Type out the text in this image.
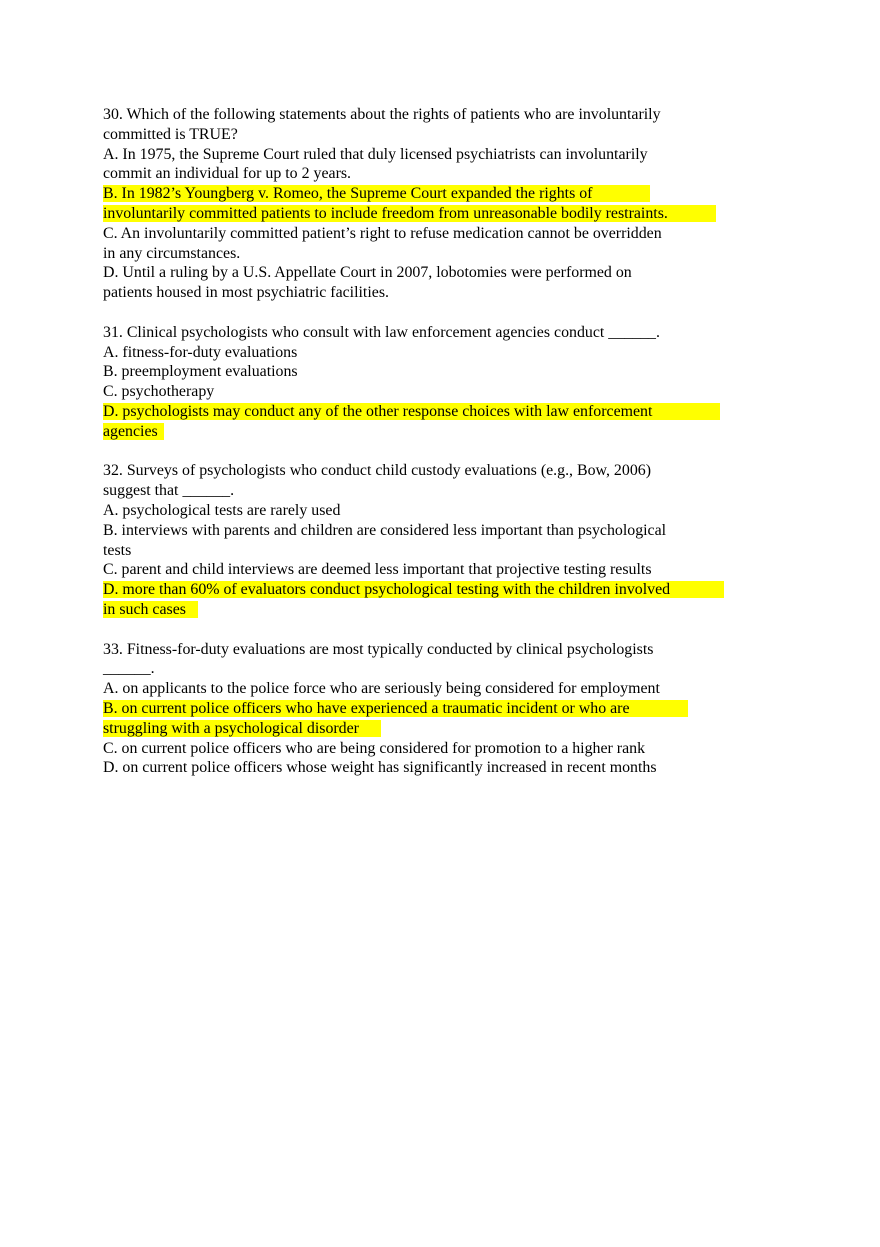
30. Which of the following statements about the rights of patients who are involuntarily
committed is TRUE?
A. In 1975, the Supreme Court ruled that duly licensed psychiatrists can involuntarily
commit an individual for up to 2 years.
B. In 1982’s Youngberg v. Romeo, the Supreme Court expanded the rights of
involuntarily committed patients to include freedom from unreasonable bodily restraints.
C. An involuntarily committed patient’s right to refuse medication cannot be overridden
in any circumstances.
D. Until a ruling by a U.S. Appellate Court in 2007, lobotomies were performed on
patients housed in most psychiatric facilities.
31. Clinical psychologists who consult with law enforcement agencies conduct ______.
A. fitness-for-duty evaluations
B. preemployment evaluations
C. psychotherapy
D. psychologists may conduct any of the other response choices with law enforcement
agencies
32. Surveys of psychologists who conduct child custody evaluations (e.g., Bow, 2006)
suggest that ______.
A. psychological tests are rarely used
B. interviews with parents and children are considered less important than psychological
tests
C. parent and child interviews are deemed less important that projective testing results
D. more than 60% of evaluators conduct psychological testing with the children involved
in such cases
33. Fitness-for-duty evaluations are most typically conducted by clinical psychologists
______.
A. on applicants to the police force who are seriously being considered for employment
B. on current police officers who have experienced a traumatic incident or who are
struggling with a psychological disorder
C. on current police officers who are being considered for promotion to a higher rank
D. on current police officers whose weight has significantly increased in recent months
